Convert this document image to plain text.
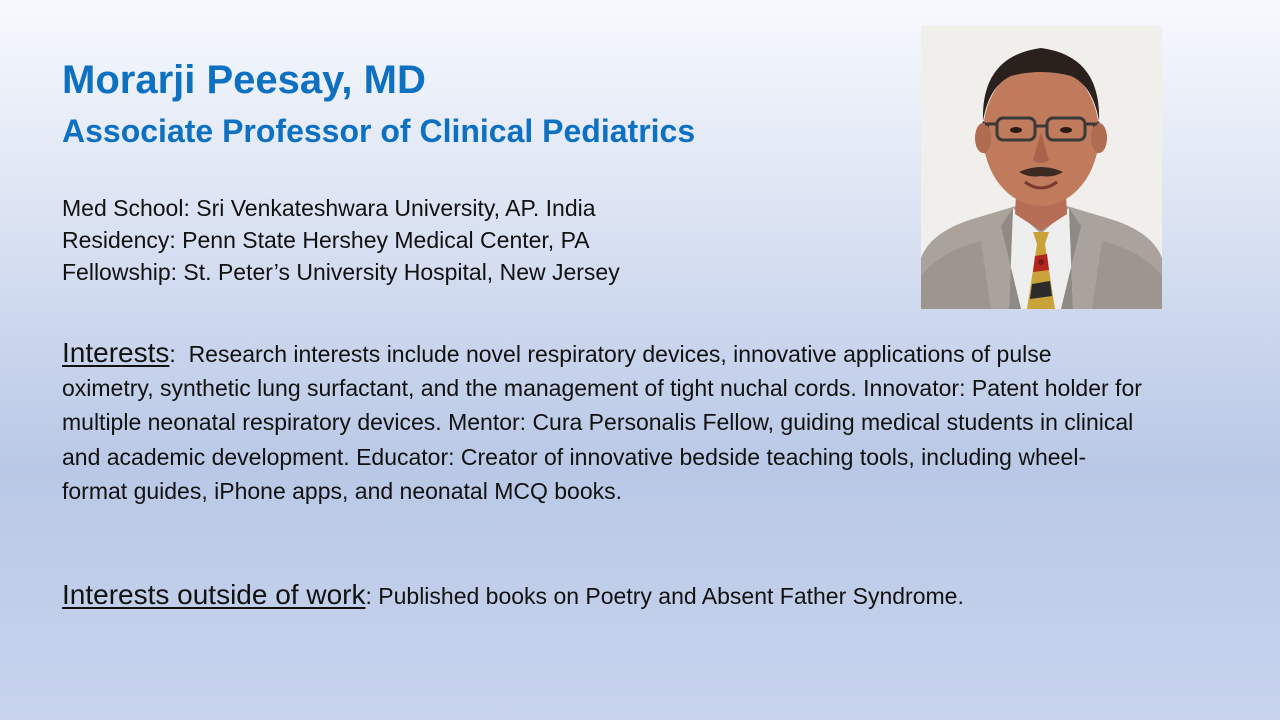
Morarji Peesay, MD
Associate Professor of Clinical Pediatrics
Med School: Sri Venkateshwara University, AP. India
Residency: Penn State Hershey Medical Center, PA
Fellowship: St. Peter’s University Hospital, New Jersey
Interests:  Research interests include novel respiratory devices, innovative applications of pulse oximetry, synthetic lung surfactant, and the management of tight nuchal cords. Innovator: Patent holder for multiple neonatal respiratory devices. Mentor: Cura Personalis Fellow, guiding medical students in clinical and academic development. Educator: Creator of innovative bedside teaching tools, including wheel-format guides, iPhone apps, and neonatal MCQ books.
Interests outside of work: Published books on Poetry and Absent Father Syndrome.
